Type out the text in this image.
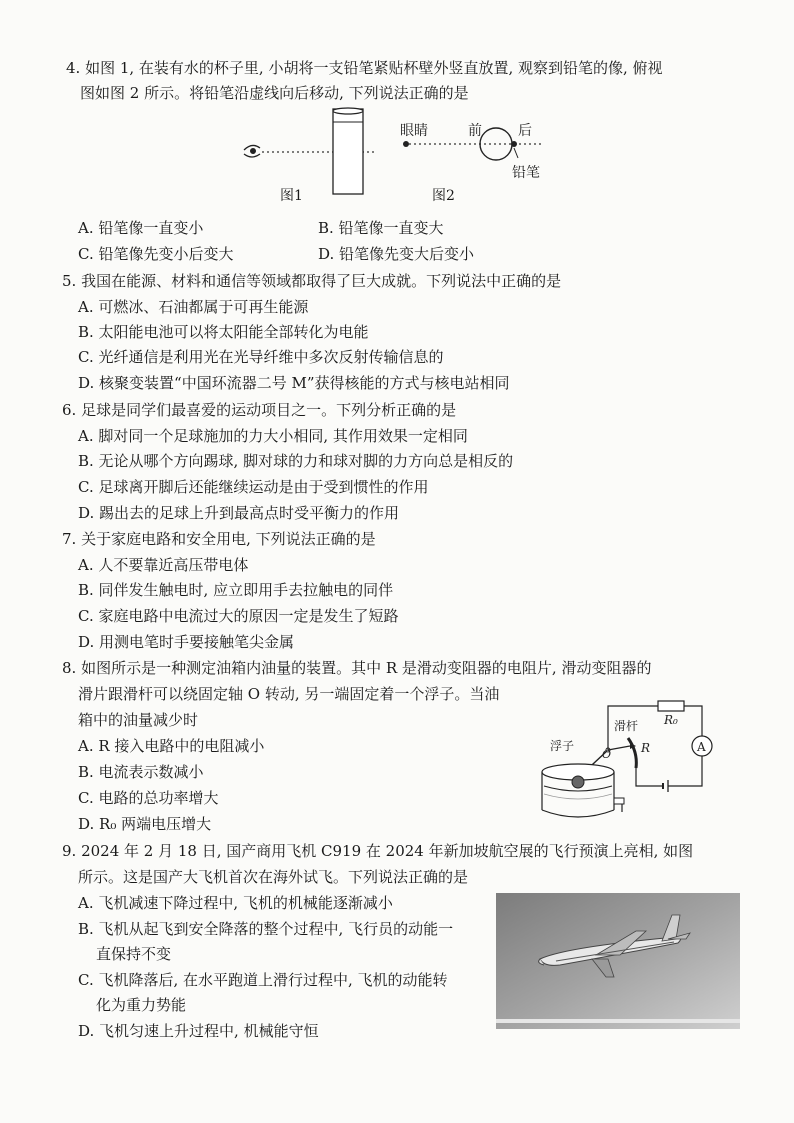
4. 如图 1, 在装有水的杯子里, 小胡将一支铅笔紧贴杯壁外竖直放置, 观察到铅笔的像, 俯视
图如图 2 所示。将铅笔沿虚线向后移动, 下列说法正确的是
图1
眼睛	前	后
铅笔
图2
A. 铅笔像一直变小	B. 铅笔像一直变大
C. 铅笔像先变小后变大	D. 铅笔像先变大后变小
5. 我国在能源、材料和通信等领域都取得了巨大成就。下列说法中正确的是
A. 可燃冰、石油都属于可再生能源
B. 太阳能电池可以将太阳能全部转化为电能
C. 光纤通信是利用光在光导纤维中多次反射传输信息的
D. 核聚变装置“中国环流器二号 M”获得核能的方式与核电站相同
6. 足球是同学们最喜爱的运动项目之一。下列分析正确的是
A. 脚对同一个足球施加的力大小相同, 其作用效果一定相同
B. 无论从哪个方向踢球, 脚对球的力和球对脚的力方向总是相反的
C. 足球离开脚后还能继续运动是由于受到惯性的作用
D. 踢出去的足球上升到最高点时受平衡力的作用
7. 关于家庭电路和安全用电, 下列说法正确的是
A. 人不要靠近高压带电体
B. 同伴发生触电时, 应立即用手去拉触电的同伴
C. 家庭电路中电流过大的原因一定是发生了短路
D. 用测电笔时手要接触笔尖金属
8. 如图所示是一种测定油箱内油量的装置。其中 R 是滑动变阻器的电阻片, 滑动变阻器的
滑片跟滑杆可以绕固定轴 O 转动, 另一端固定着一个浮子。当油
箱中的油量减少时
A. R 接入电路中的电阻减小
B. 电流表示数减小
C. 电路的总功率增大
D. R₀ 两端电压增大
浮子
滑杆
O R
R₀
A
9. 2024 年 2 月 18 日, 国产商用飞机 C919 在 2024 年新加坡航空展的飞行预演上亮相, 如图
所示。这是国产大飞机首次在海外试飞。下列说法正确的是
A. 飞机减速下降过程中, 飞机的机械能逐渐减小
B. 飞机从起飞到安全降落的整个过程中, 飞行员的动能一
直保持不变
C. 飞机降落后, 在水平跑道上滑行过程中, 飞机的动能转
化为重力势能
D. 飞机匀速上升过程中, 机械能守恒
